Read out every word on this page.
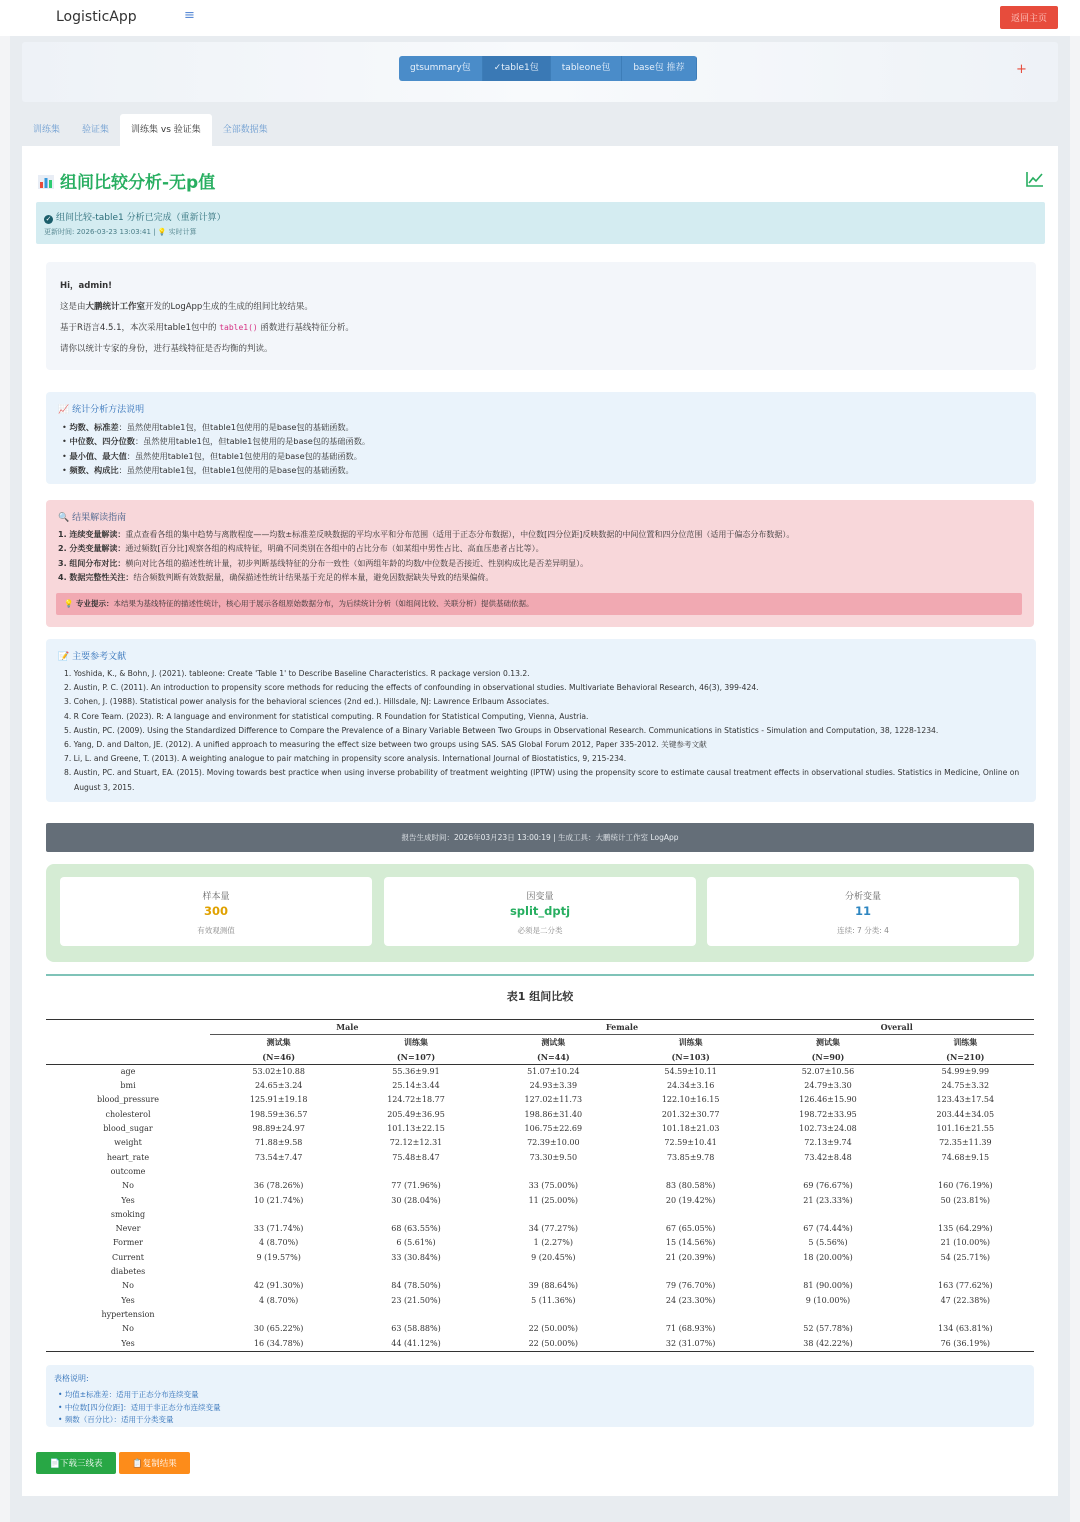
LogisticApp	≡	返回主页
gtsummary包	✓table1包	tableone包	base包 推荐	+
训练集	验证集	训练集 vs 验证集	全部数据集
组间比较分析-无p值
✓ 组间比较-table1 分析已完成（重新计算）
更新时间: 2026-03-23 13:03:41 | 💡 实时计算

Hi，admin!

这是由大鹏统计工作室开发的LogApp生成的生成的组间比较结果。

基于R语言4.5.1，本次采用table1包中的 table1() 函数进行基线特征分析。

请你以统计专家的身份，进行基线特征是否均衡的判读。

📈 统计分析方法说明
• 均数、标准差：虽然使用table1包，但table1包使用的是base包的基础函数。
• 中位数、四分位数：虽然使用table1包，但table1包使用的是base包的基础函数。
• 最小值、最大值：虽然使用table1包，但table1包使用的是base包的基础函数。
• 频数、构成比：虽然使用table1包，但table1包使用的是base包的基础函数。
🔍 结果解读指南
1. 连续变量解读：重点查看各组的集中趋势与离散程度——均数±标准差反映数据的平均水平和分布范围（适用于正态分布数据），中位数[四分位距]反映数据的中间位置和四分位范围（适用于偏态分布数据）。
2. 分类变量解读：通过频数[百分比]观察各组的构成特征，明确不同类别在各组中的占比分布（如某组中男性占比、高血压患者占比等）。
3. 组间分布对比：横向对比各组的描述性统计量，初步判断基线特征的分布一致性（如两组年龄的均数/中位数是否接近、性别构成比是否差异明显）。
4. 数据完整性关注：结合频数判断有效数据量，确保描述性统计结果基于充足的样本量，避免因数据缺失导致的结果偏倚。
💡 专业提示：本结果为基线特征的描述性统计，核心用于展示各组原始数据分布，为后续统计分析（如组间比较、关联分析）提供基础依据。
📝 主要参考文献
1. Yoshida, K., & Bohn, J. (2021). tableone: Create 'Table 1' to Describe Baseline Characteristics. R package version 0.13.2.
2. Austin, P. C. (2011). An introduction to propensity score methods for reducing the effects of confounding in observational studies. Multivariate Behavioral Research, 46(3), 399-424.
3. Cohen, J. (1988). Statistical power analysis for the behavioral sciences (2nd ed.). Hillsdale, NJ: Lawrence Erlbaum Associates.
4. R Core Team. (2023). R: A language and environment for statistical computing. R Foundation for Statistical Computing, Vienna, Austria.
5. Austin, PC. (2009). Using the Standardized Difference to Compare the Prevalence of a Binary Variable Between Two Groups in Observational Research. Communications in Statistics - Simulation and Computation, 38, 1228-1234.
6. Yang, D. and Dalton, JE. (2012). A unified approach to measuring the effect size between two groups using SAS. SAS Global Forum 2012, Paper 335-2012. 关键参考文献
7. Li, L. and Greene, T. (2013). A weighting analogue to pair matching in propensity score analysis. International Journal of Biostatistics, 9, 215-234.
8. Austin, PC. and Stuart, EA. (2015). Moving towards best practice when using inverse probability of treatment weighting (IPTW) using the propensity score to estimate causal treatment effects in observational studies. Statistics in Medicine, Online on August 3, 2015.
报告生成时间：2026年03月23日 13:00:19 | 生成工具：大鹏统计工作室 LogApp
样本量
300
有效观测值
因变量
split_dptj
必须是二分类
分析变量
11
连续: 7 分类: 4
表1 组间比较
	Male		Female		Overall	
	测试集	训练集	测试集	训练集	测试集	训练集
	(N=46)	(N=107)	(N=44)	(N=103)	(N=90)	(N=210)
age	53.02±10.88	55.36±9.91	51.07±10.24	54.59±10.11	52.07±10.56	54.99±9.99
bmi	24.65±3.24	25.14±3.44	24.93±3.39	24.34±3.16	24.79±3.30	24.75±3.32
blood_pressure	125.91±19.18	124.72±18.77	127.02±11.73	122.10±16.15	126.46±15.90	123.43±17.54
cholesterol	198.59±36.57	205.49±36.95	198.86±31.40	201.32±30.77	198.72±33.95	203.44±34.05
blood_sugar	98.89±24.97	101.13±22.15	106.75±22.69	101.18±21.03	102.73±24.08	101.16±21.55
weight	71.88±9.58	72.12±12.31	72.39±10.00	72.59±10.41	72.13±9.74	72.35±11.39
heart_rate	73.54±7.47	75.48±8.47	73.30±9.50	73.85±9.78	73.42±8.48	74.68±9.15
outcome						
No	36 (78.26%)	77 (71.96%)	33 (75.00%)	83 (80.58%)	69 (76.67%)	160 (76.19%)
Yes	10 (21.74%)	30 (28.04%)	11 (25.00%)	20 (19.42%)	21 (23.33%)	50 (23.81%)
smoking						
Never	33 (71.74%)	68 (63.55%)	34 (77.27%)	67 (65.05%)	67 (74.44%)	135 (64.29%)
Former	4 (8.70%)	6 (5.61%)	1 (2.27%)	15 (14.56%)	5 (5.56%)	21 (10.00%)
Current	9 (19.57%)	33 (30.84%)	9 (20.45%)	21 (20.39%)	18 (20.00%)	54 (25.71%)
diabetes						
No	42 (91.30%)	84 (78.50%)	39 (88.64%)	79 (76.70%)	81 (90.00%)	163 (77.62%)
Yes	4 (8.70%)	23 (21.50%)	5 (11.36%)	24 (23.30%)	9 (10.00%)	47 (22.38%)
hypertension						
No	30 (65.22%)	63 (58.88%)	22 (50.00%)	71 (68.93%)	52 (57.78%)	134 (63.81%)
Yes	16 (34.78%)	44 (41.12%)	22 (50.00%)	32 (31.07%)	38 (42.22%)	76 (36.19%)
表格说明:
• 均值±标准差：适用于正态分布连续变量
• 中位数[四分位距]：适用于非正态分布连续变量
• 频数（百分比）：适用于分类变量
📄下载三线表	📋复制结果
